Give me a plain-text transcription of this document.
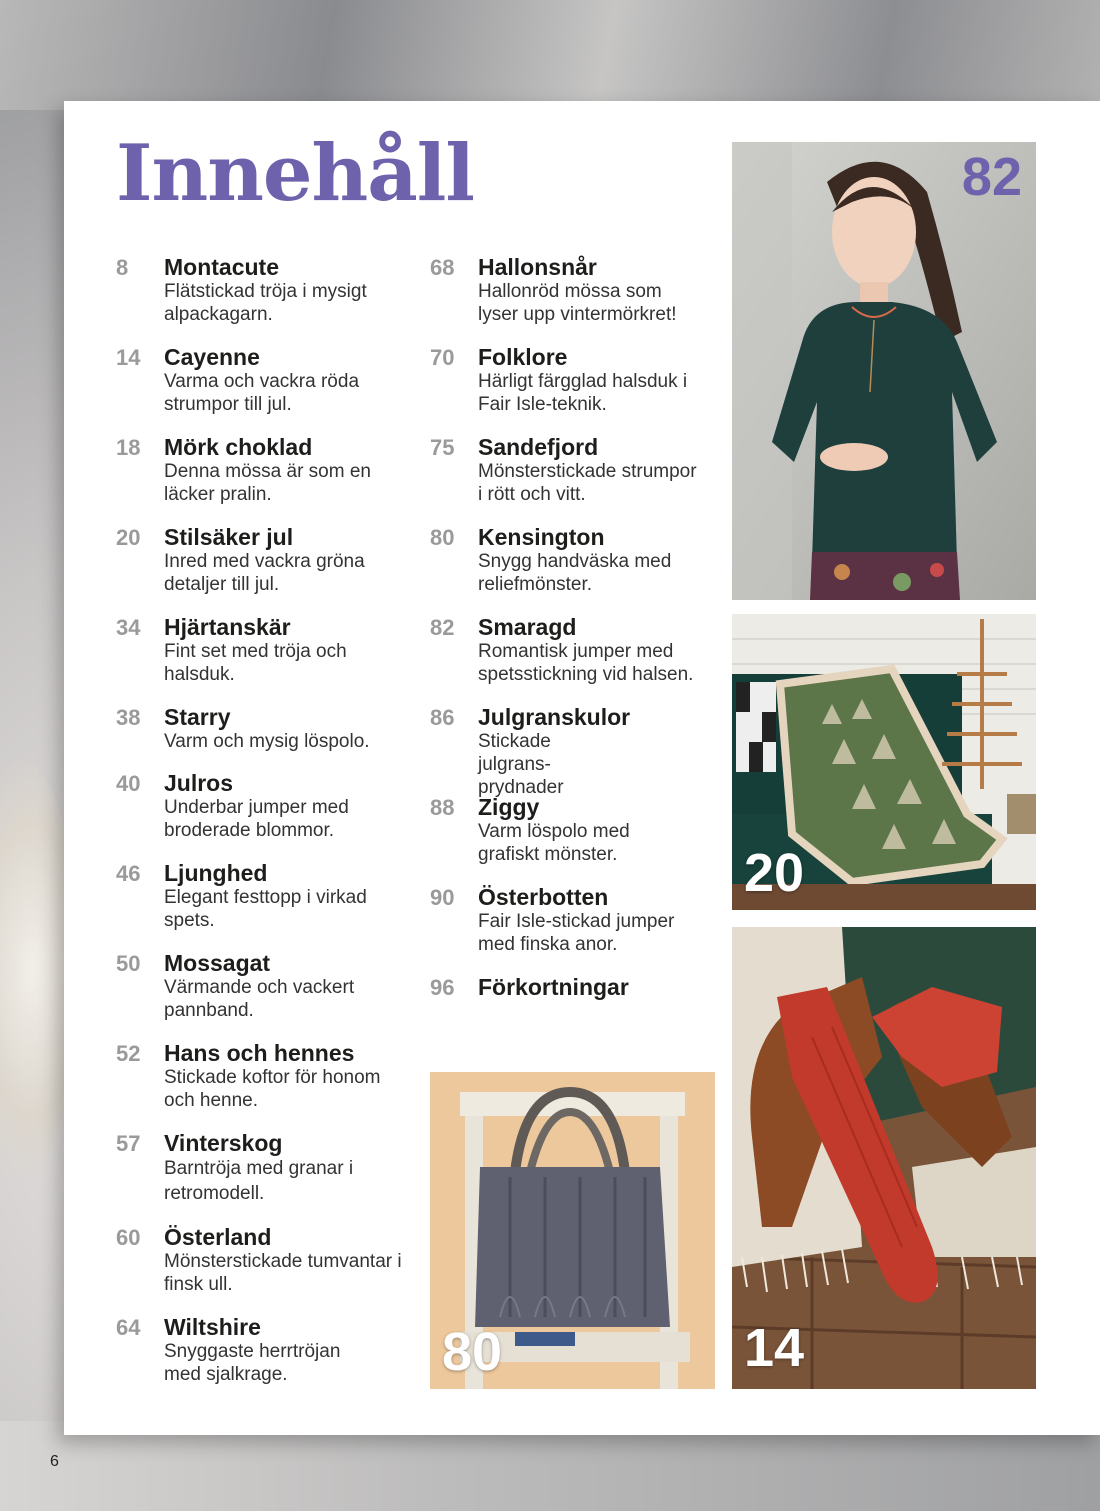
Innehåll
8	Montacute
Flätstickad tröja i mysigt alpackagarn.
14	Cayenne
Varma och vackra röda strumpor till jul.
18	Mörk choklad
Denna mössa är som en läcker pralin.
20	Stilsäker jul
Inred med vackra gröna detaljer till jul.
34	Hjärtanskär
Fint set med tröja och halsduk.
38	Starry
Varm och mysig löspolo.
40	Julros
Underbar jumper med broderade blommor.
46	Ljunghed
Elegant festtopp i virkad spets.
50	Mossagat
Värmande och vackert pannband.
52	Hans och hennes
Stickade koftor för honom och henne.
57	Vinterskog
Barntröja med granar i retromodell.
60	Österland
Mönsterstickade tumvantar i finsk ull.
64	Wiltshire
Snyggaste herrtröjan med sjalkrage.
68	Hallonsnår
Hallonröd mössa som lyser upp vintermörkret!
70	Folklore
Härligt färgglad halsduk i Fair Isle-teknik.
75	Sandefjord
Mönsterstickade strumpor i rött och vitt.
80	Kensington
Snygg handväska med reliefmönster.
82	Smaragd
Romantisk jumper med spetsstickning vid halsen.
86	Julgranskulor
Stickade julgrans-prydnader
88	Ziggy
Varm löspolo med grafiskt mönster.
90	Österbotten
Fair Isle-stickad jumper med finska anor.
96	Förkortningar
82
20
80	14
6
